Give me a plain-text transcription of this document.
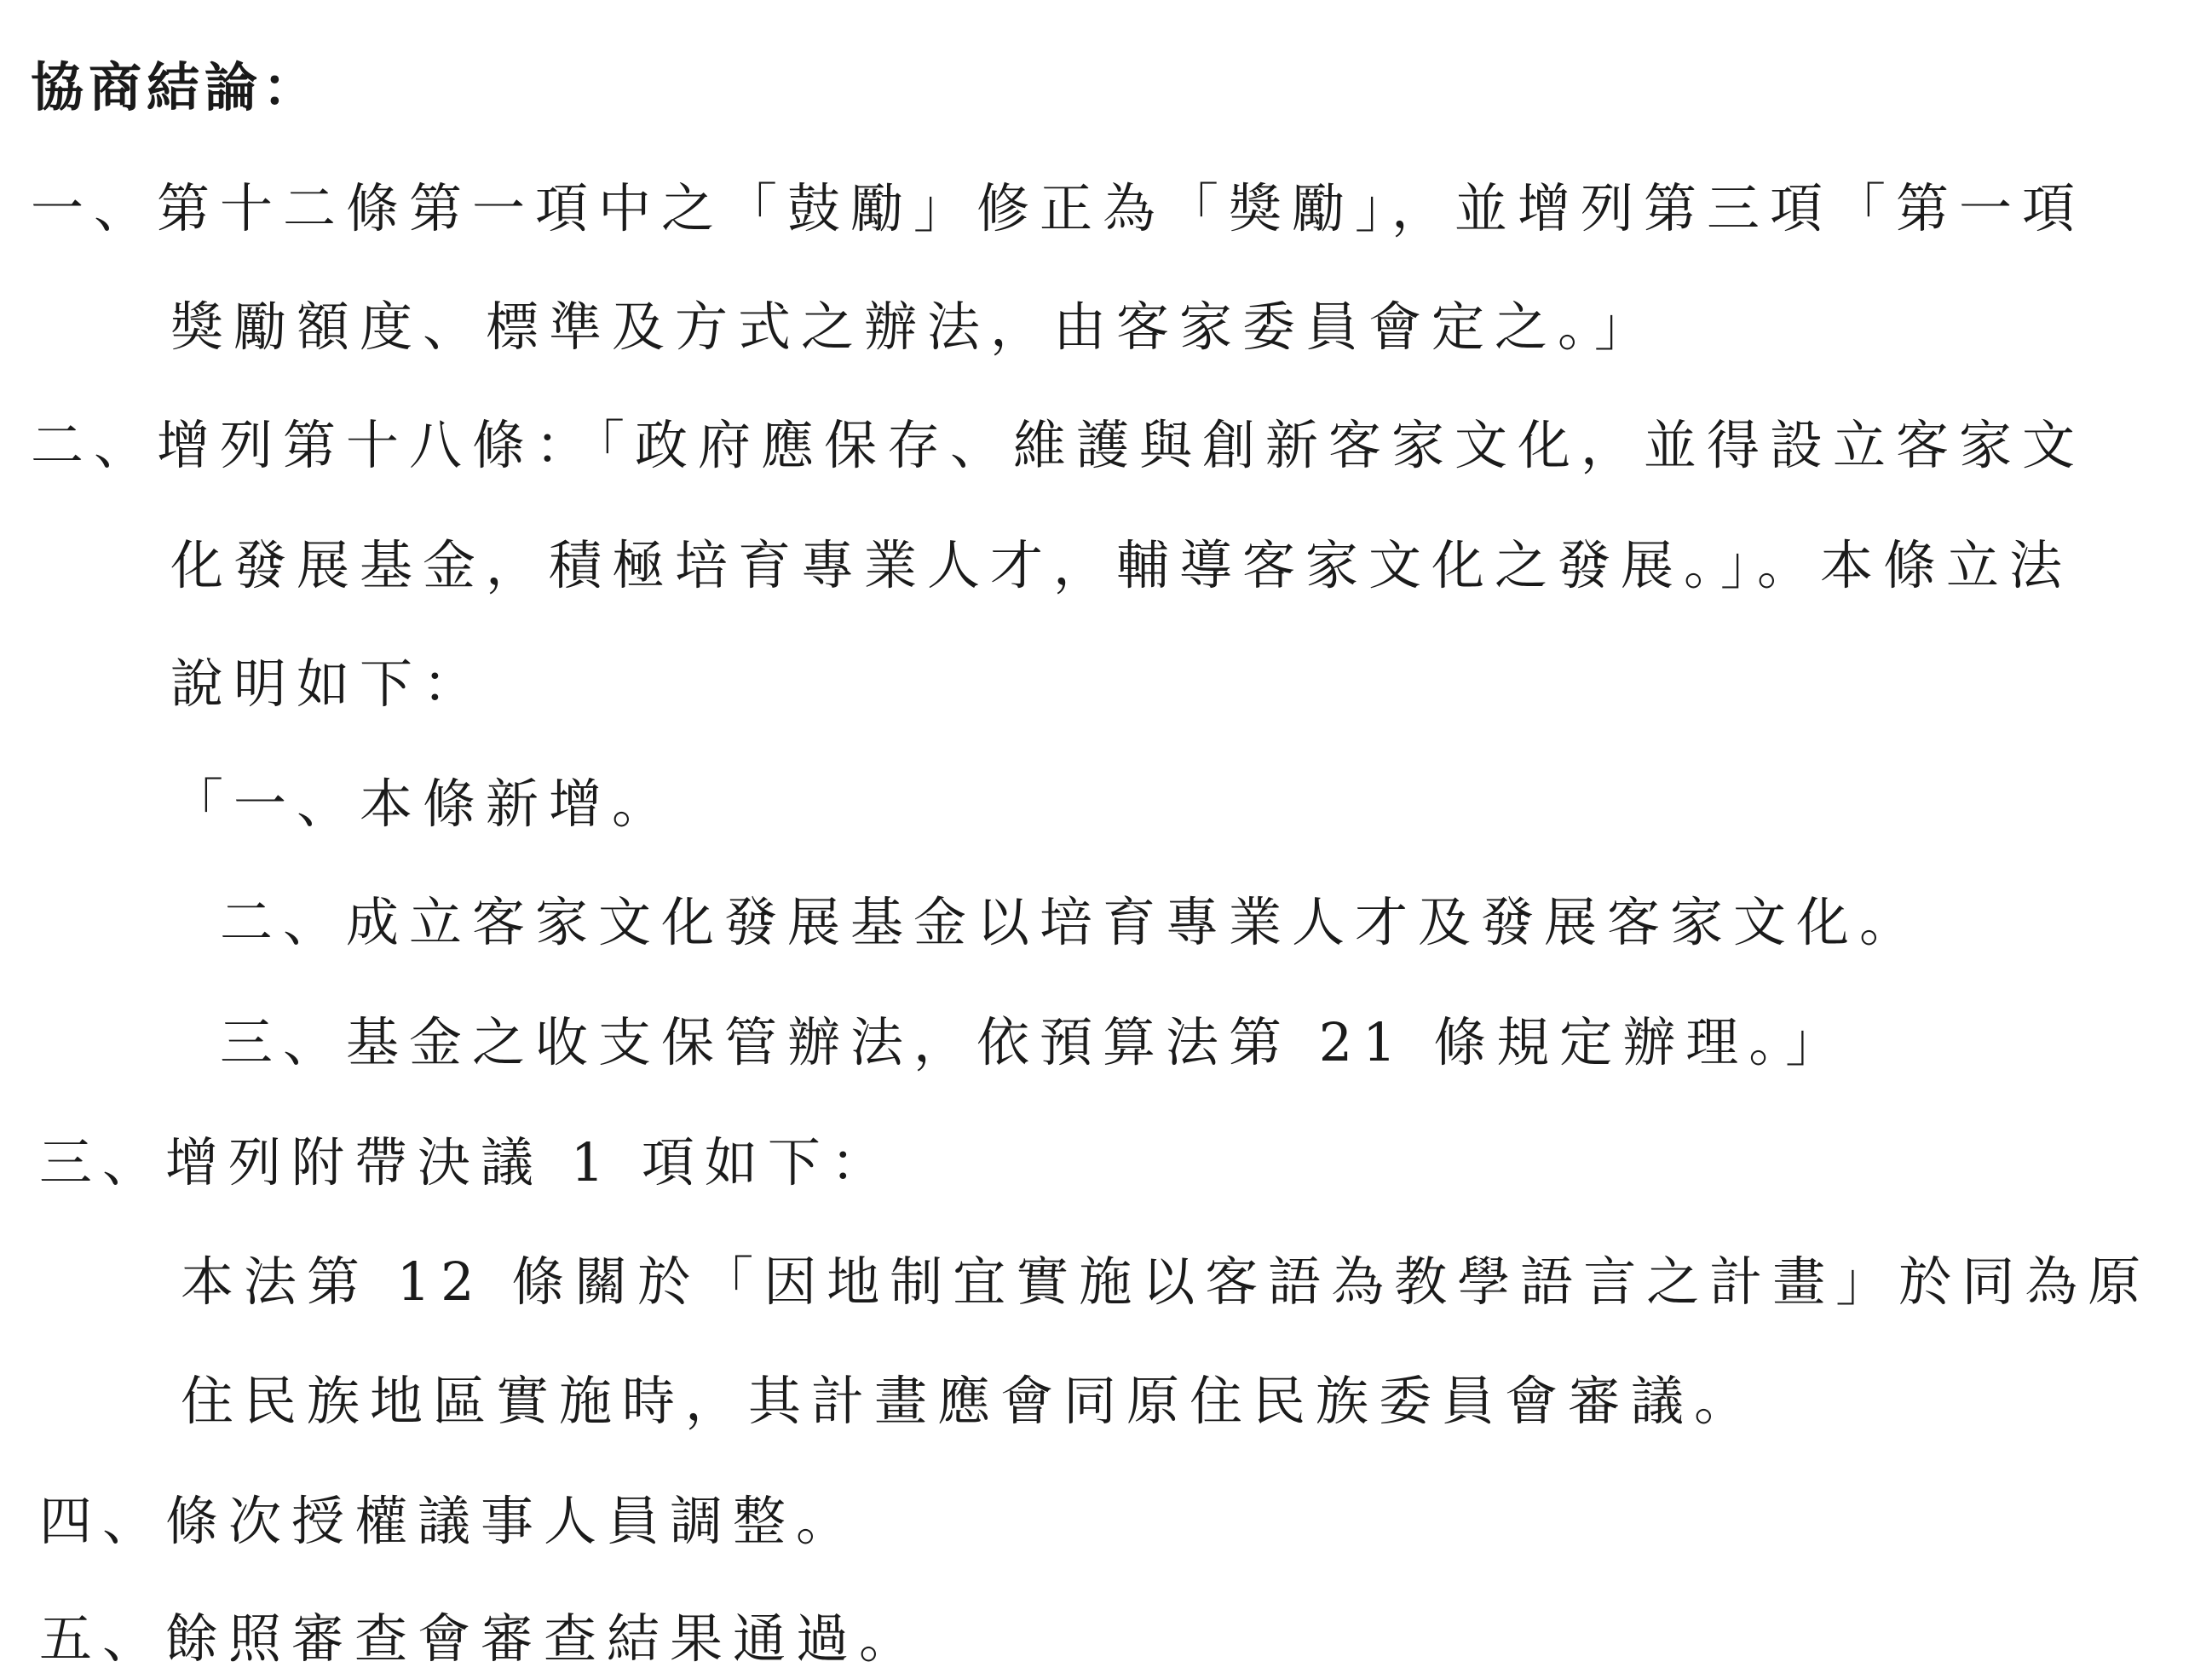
協商結論：
一、第十二條第一項中之「鼓勵」修正為「獎勵」，並增列第三項「第一項
獎勵額度、標準及方式之辦法，由客家委員會定之。」
二、增列第十八條：「政府應保存、維護與創新客家文化，並得設立客家文
化發展基金，積極培育專業人才，輔導客家文化之發展。」。本條立法
說明如下：
「一、本條新增。
二、成立客家文化發展基金以培育專業人才及發展客家文化。
三、基金之收支保管辦法，依預算法第 21 條規定辦理。」
三、增列附帶決議 1 項如下：
本法第 12 條關於「因地制宜實施以客語為教學語言之計畫」於同為原
住民族地區實施時，其計畫應會同原住民族委員會審議。
四、條次授權議事人員調整。
五、餘照審查會審查結果通過。
